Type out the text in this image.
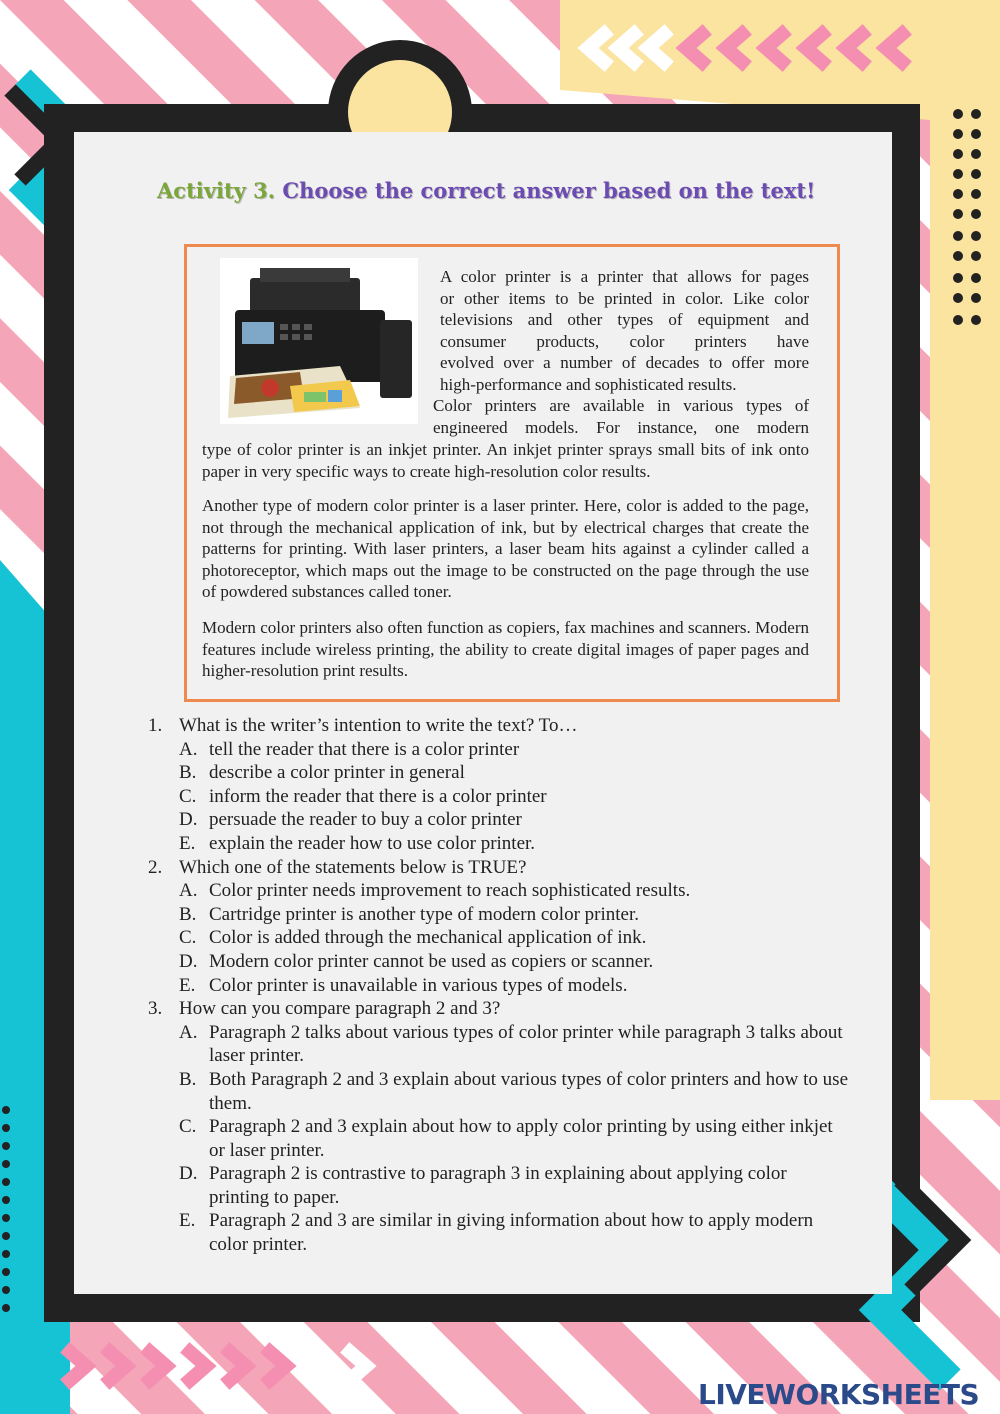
Activity 3. Choose the correct answer based on the text!

A color printer is a printer that allows for pages

or other items to be printed in color. Like color

televisions and other types of equipment and

consumer products, color printers have

evolved over a number of decades to offer more

high-performance and sophisticated results.

Color printers are available in various types of

engineered models. For instance, one modern

type of color printer is an inkjet printer. An inkjet printer sprays small bits of ink onto paper in very specific ways to create high-resolution color results.

Another type of modern color printer is a laser printer. Here, color is added to the page, not through the mechanical application of ink, but by electrical charges that create the patterns for printing. With laser printers, a laser beam hits against a cylinder called a photoreceptor, which maps out the image to be constructed on the page through the use of powdered substances called toner.

Modern color printers also often function as copiers, fax machines and scanners. Modern features include wireless printing, the ability to create digital images of paper pages and higher-resolution print results.

1. What is the writer’s intention to write the text? To…
A. tell the reader that there is a color printer
B. describe a color printer in general
C. inform the reader that there is a color printer
D. persuade the reader to buy a color printer
E. explain the reader how to use color printer.
2. Which one of the statements below is TRUE?
A. Color printer needs improvement to reach sophisticated results.
B. Cartridge printer is another type of modern color printer.
C. Color is added through the mechanical application of ink.
D. Modern color printer cannot be used as copiers or scanner.
E. Color printer is unavailable in various types of models.
3. How can you compare paragraph 2 and 3?
A. Paragraph 2 talks about various types of color printer while paragraph 3 talks about laser printer.
B. Both Paragraph 2 and 3 explain about various types of color printers and how to use them.
C. Paragraph 2 and 3 explain about how to apply color printing by using either inkjet or laser printer.
D. Paragraph 2 is contrastive to paragraph 3 in explaining about applying color printing to paper.
E. Paragraph 2 and 3 are similar in giving information about how to apply modern color printer.
LIVEWORKSHEETS
